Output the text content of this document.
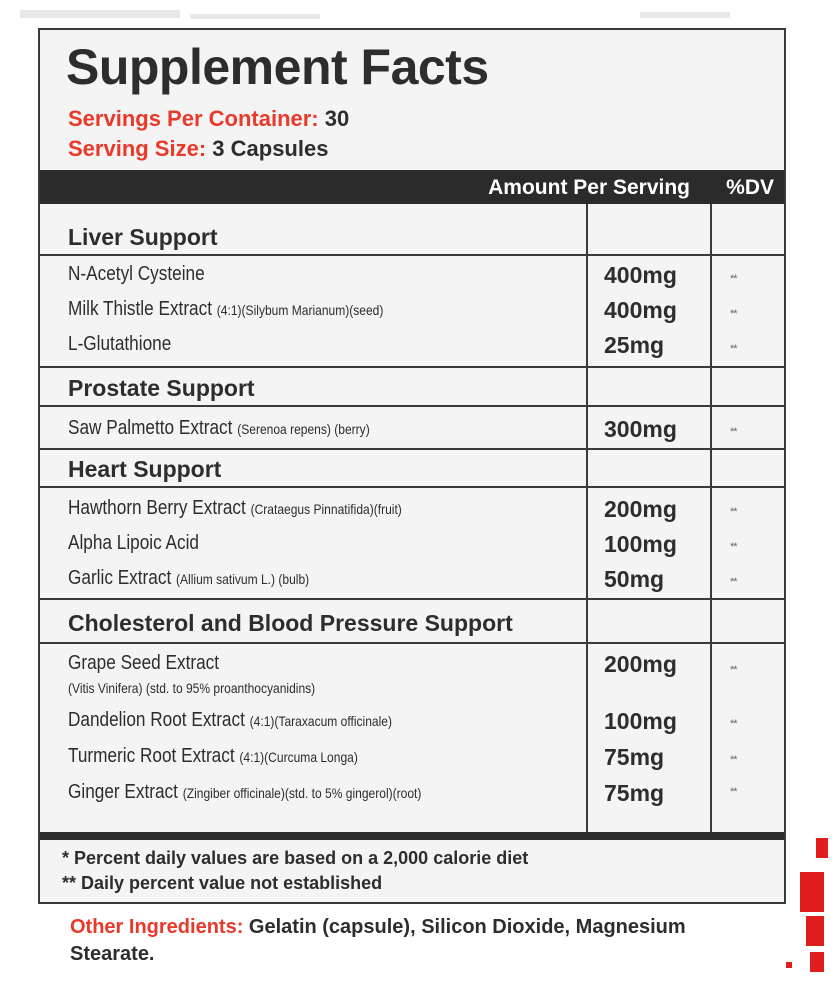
Supplement Facts
Servings Per Container: 30
Serving Size: 3 Capsules
Amount Per Serving %DV
Liver Support
N-Acetyl Cysteine	400mg	**
Milk Thistle Extract (4:1)(Silybum Marianum)(seed)	400mg	**
L-Glutathione	25mg	**
Prostate Support
Saw Palmetto Extract (Serenoa repens) (berry)	300mg	**
Heart Support
Hawthorn Berry Extract (Crataegus Pinnatifida)(fruit)	200mg	**
Alpha Lipoic Acid	100mg	**
Garlic Extract (Allium sativum L.) (bulb)	50mg	**
Cholesterol and Blood Pressure Support
Grape Seed Extract
(Vitis Vinifera) (std. to 95% proanthocyanidins)
200mg	**
Dandelion Root Extract (4:1)(Taraxacum officinale)	100mg	**
Turmeric Root Extract (4:1)(Curcuma Longa)	75mg	**
Ginger Extract (Zingiber officinale)(std. to 5% gingerol)(root)	75mg	**
* Percent daily values are based on a 2,000 calorie diet
** Daily percent value not established
Other Ingredients: Gelatin (capsule), Silicon Dioxide, Magnesium Stearate.
